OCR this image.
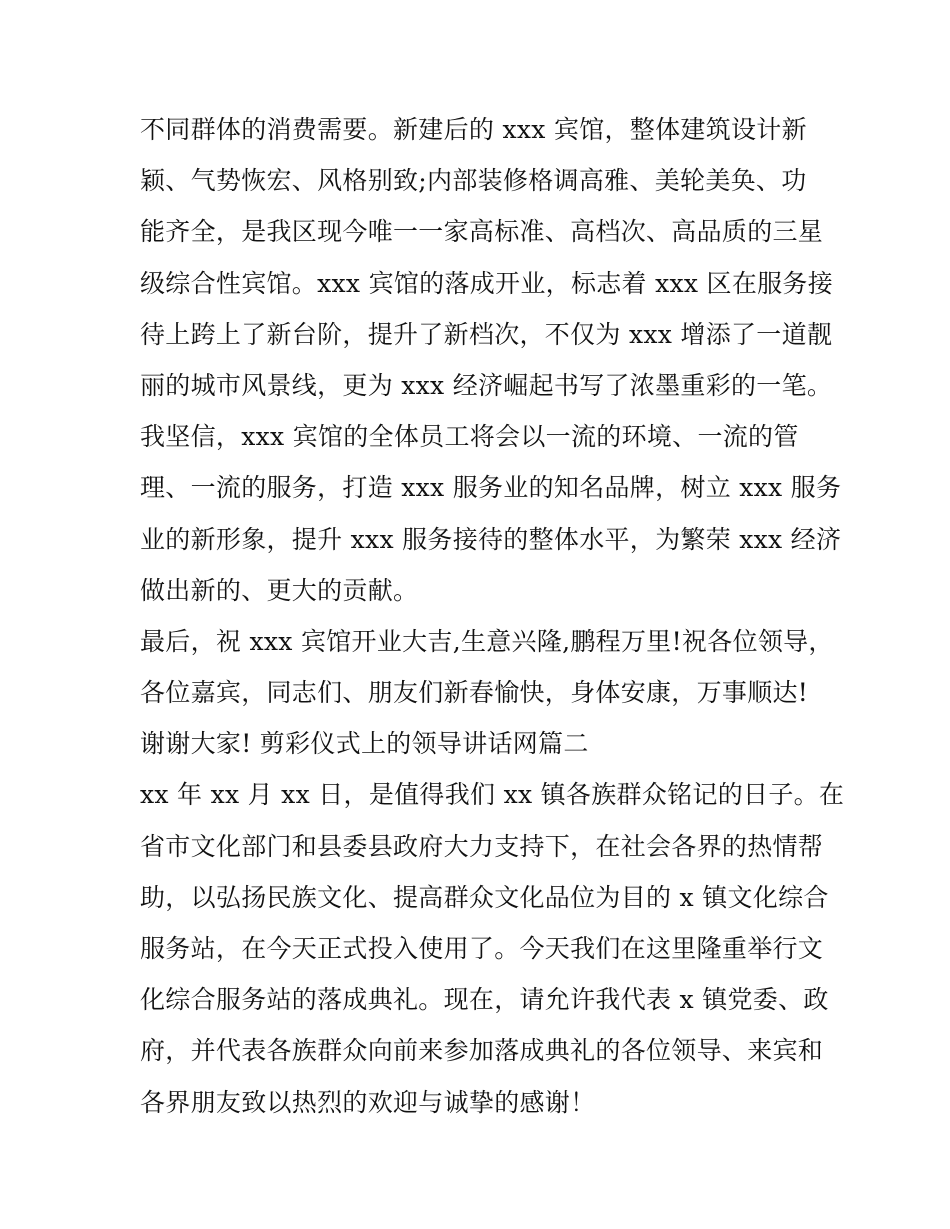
不同群体的消费需要。新建后的 xxx 宾馆，整体建筑设计新
颖、气势恢宏、风格别致;内部装修格调高雅、美轮美奂、功
能齐全，是我区现今唯一一家高标准、高档次、高品质的三星
级综合性宾馆。xxx 宾馆的落成开业，标志着 xxx 区在服务接
待上跨上了新台阶，提升了新档次，不仅为 xxx 增添了一道靓
丽的城市风景线，更为 xxx 经济崛起书写了浓墨重彩的一笔。
我坚信，xxx 宾馆的全体员工将会以一流的环境、一流的管
理、一流的服务，打造 xxx 服务业的知名品牌，树立 xxx 服务
业的新形象，提升 xxx 服务接待的整体水平，为繁荣 xxx 经济
做出新的、更大的贡献。
最后，祝 xxx 宾馆开业大吉,生意兴隆,鹏程万里!祝各位领导，
各位嘉宾，同志们、朋友们新春愉快，身体安康，万事顺达!
谢谢大家! 剪彩仪式上的领导讲话网篇二
xx 年 xx 月 xx 日，是值得我们 xx 镇各族群众铭记的日子。在
省市文化部门和县委县政府大力支持下，在社会各界的热情帮
助，以弘扬民族文化、提高群众文化品位为目的 x 镇文化综合
服务站，在今天正式投入使用了。今天我们在这里隆重举行文
化综合服务站的落成典礼。现在，请允许我代表 x 镇党委、政
府，并代表各族群众向前来参加落成典礼的各位领导、来宾和
各界朋友致以热烈的欢迎与诚挚的感谢！
